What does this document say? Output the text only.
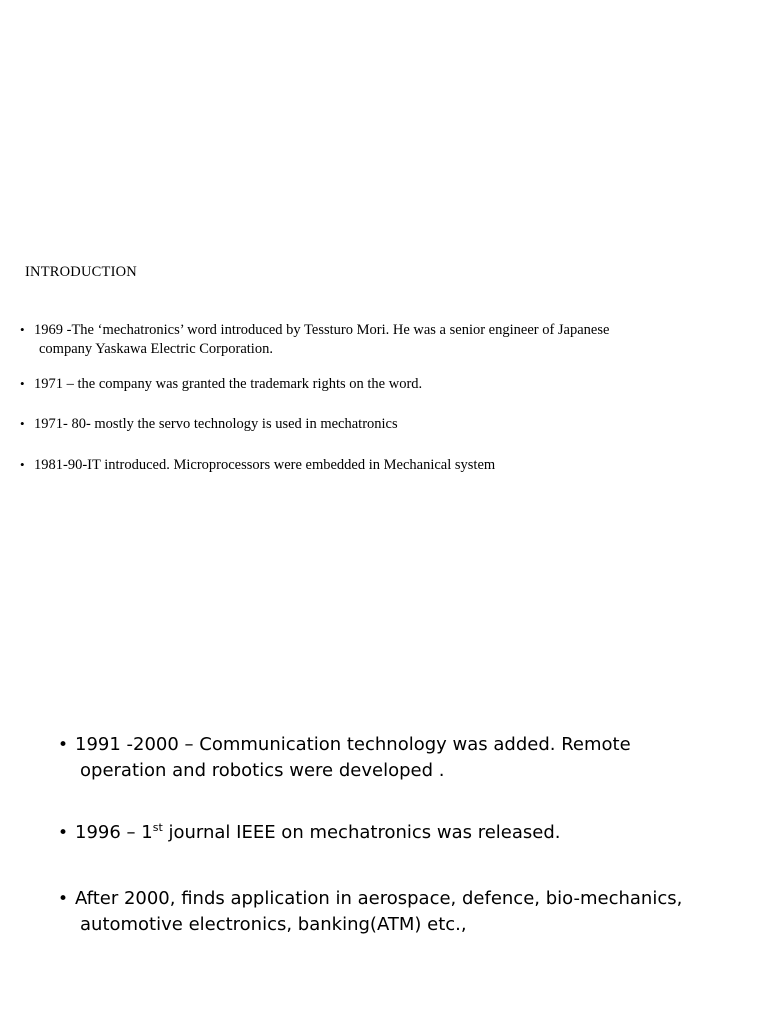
INTRODUCTION
• 1969 -The ‘mechatronics’ word introduced by Tessturo Mori. He was a senior engineer of Japanese
company Yaskawa Electric Corporation.
• 1971 – the company was granted the trademark rights on the word.
• 1971- 80- mostly the servo technology is used in mechatronics
• 1981-90-IT introduced. Microprocessors were embedded in Mechanical system
• 1991 -2000 – Communication technology was added. Remote
operation and robotics were developed .
• 1996 – 1st journal IEEE on mechatronics was released.
• After 2000, finds application in aerospace, defence, bio-mechanics,
automotive electronics, banking(ATM) etc.,
